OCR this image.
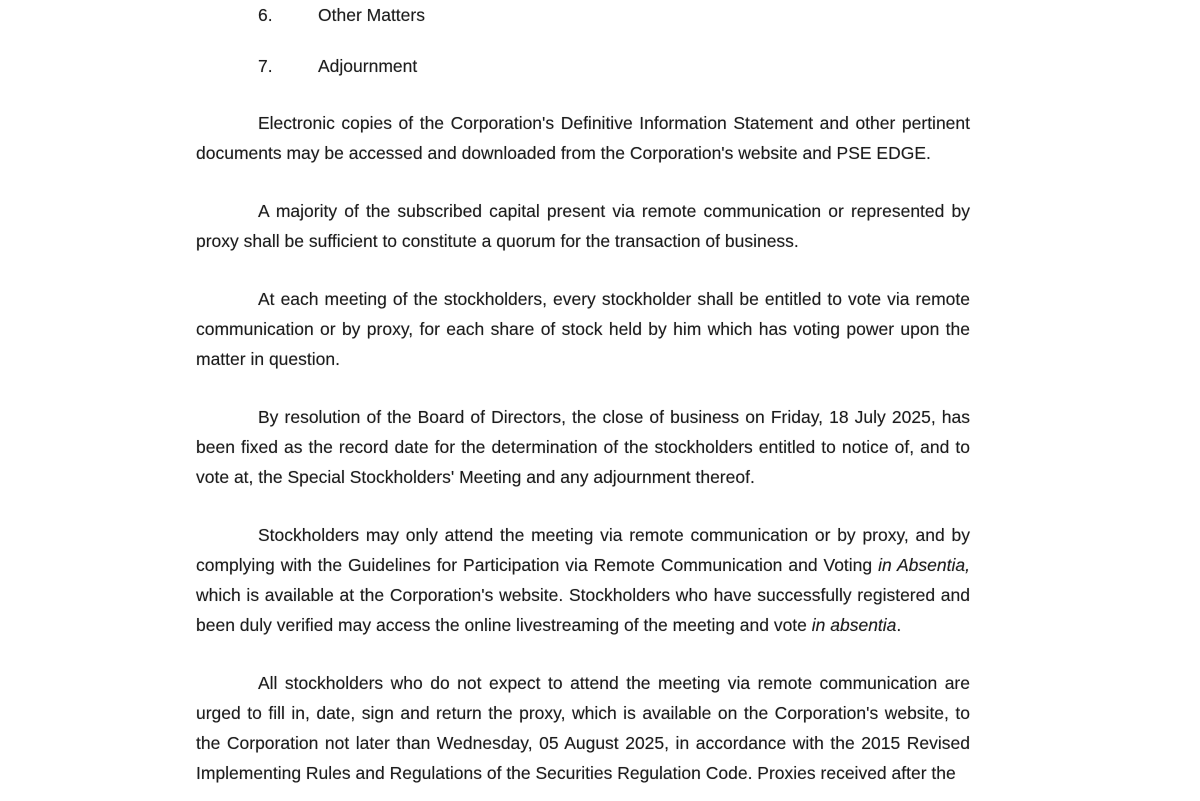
6.	Other Matters
7.	Adjournment

Electronic copies of the Corporation's Definitive Information Statement and other pertinent documents may be accessed and downloaded from the Corporation's website and PSE EDGE.

A majority of the subscribed capital present via remote communication or represented by proxy shall be sufficient to constitute a quorum for the transaction of business.

At each meeting of the stockholders, every stockholder shall be entitled to vote via remote communication or by proxy, for each share of stock held by him which has voting power upon the matter in question.

By resolution of the Board of Directors, the close of business on Friday, 18 July 2025, has been fixed as the record date for the determination of the stockholders entitled to notice of, and to vote at, the Special Stockholders' Meeting and any adjournment thereof.

Stockholders may only attend the meeting via remote communication or by proxy, and by complying with the Guidelines for Participation via Remote Communication and Voting in Absentia, which is available at the Corporation's website. Stockholders who have successfully registered and been duly verified may access the online livestreaming of the meeting and vote in absentia.

All stockholders who do not expect to attend the meeting via remote communication are urged to fill in, date, sign and return the proxy, which is available on the Corporation's website, to the Corporation not later than Wednesday, 05 August 2025, in accordance with the 2015 Revised Implementing Rules and Regulations of the Securities Regulation Code. Proxies received after the
